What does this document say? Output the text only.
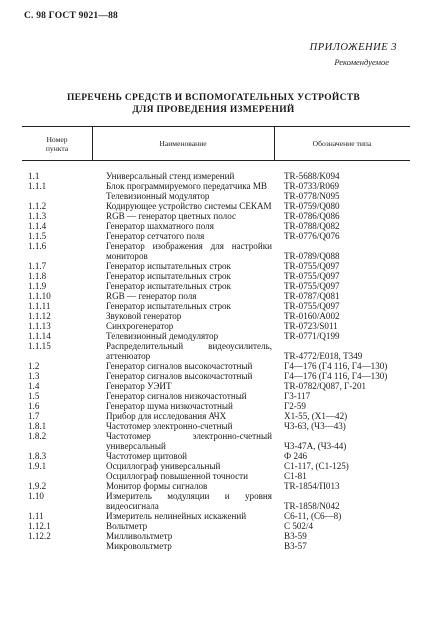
С. 98 ГОСТ 9021—88
ПРИЛОЖЕНИЕ 3
Рекомендуемое
ПЕРЕЧЕНЬ СРЕДСТВ И ВСПОМОГАТЕЛЬНЫХ УСТРОЙСТВ
ДЛЯ ПРОВЕДЕНИЯ ИЗМЕРЕНИЙ
Номер
пункта	Наименование	Обозначение типа
1.1	Универсальный стенд измерений	TR-5688/K094
1.1.1	Блок программируемого передатчика МВ	TR-0733/R069
Телевизионный модулятор	TR-0778/N095
1.1.2	Кодирующее устройство системы СЕКАМ TR-0759/Q080
1.1.3	RGB — генератор цветных полос	TR-0786/Q086
1.1.4	Генератор шахматного поля	TR-0788/Q082
1.1.5	Генератор сетчатого поля	TR-0776/Q076
1.1.6	Генератор изображения для настройки мониторов	TR-0789/Q088
1.1.7	Генератор испытательных строк	TR-0755/Q097
1.1.8	Генератор испытательных строк	TR-0755/Q097
1.1.9	Генератор испытательных строк	TR-0755/Q097
1.1.10	RGB — генератор поля	TR-0787/Q081
1.1.11	Генератор испытательных строк	TR-0755/Q097
1.1.12	Звуковой генератор	TR-0160/A002
1.1.13	Синхрогенератор	TR-0723/S011
1.1.14	Телевизионный демодулятор	TR-0771/Q199
1.1.15	Распределительный видеоусилитель, аттенюатор	TR-4772/E018, Т349
1.2	Генератор сигналов высокочастотный	Г4—176 (Г4 116, Г4—130)
1.3	Генератор сигналов высокочастотный	Г4—176 (Г4 116, Г4—130)
1.4	Генератор УЭИТ	TR-0782/Q087, Г-201
1.5	Генератор сигналов низкочастотный	Г3-117
1.6	Генератор шума низкочастотный	Г2-59
1.7	Прибор для исследования АЧХ	Х1-55, (Х1—42)
1.8.1	Частотомер электронно-счетный	Ч3-63, (Ч3—43)
1.8.2	Частотомер электронно-счетный универсальный	Ч3-47А, (Ч3-44)
1.8.3	Частотомер щитовой	Ф 246
1.9.1	Осциллограф универсальный	С1-117, (С1-125)
Осциллограф повышенной точности	С1-81
1.9.2	Монитор формы сигналов	TR-1854/П013
1.10	Измеритель модуляции и уровня видеосигнала	TR-1858/N042
1.11	Измеритель нелинейных искажений	С6-11, (С6—8)
1.12.1	Вольтметр	С 502/4
1.12.2	Милливольтметр	В3-59
Микровольтметр	В3-57
